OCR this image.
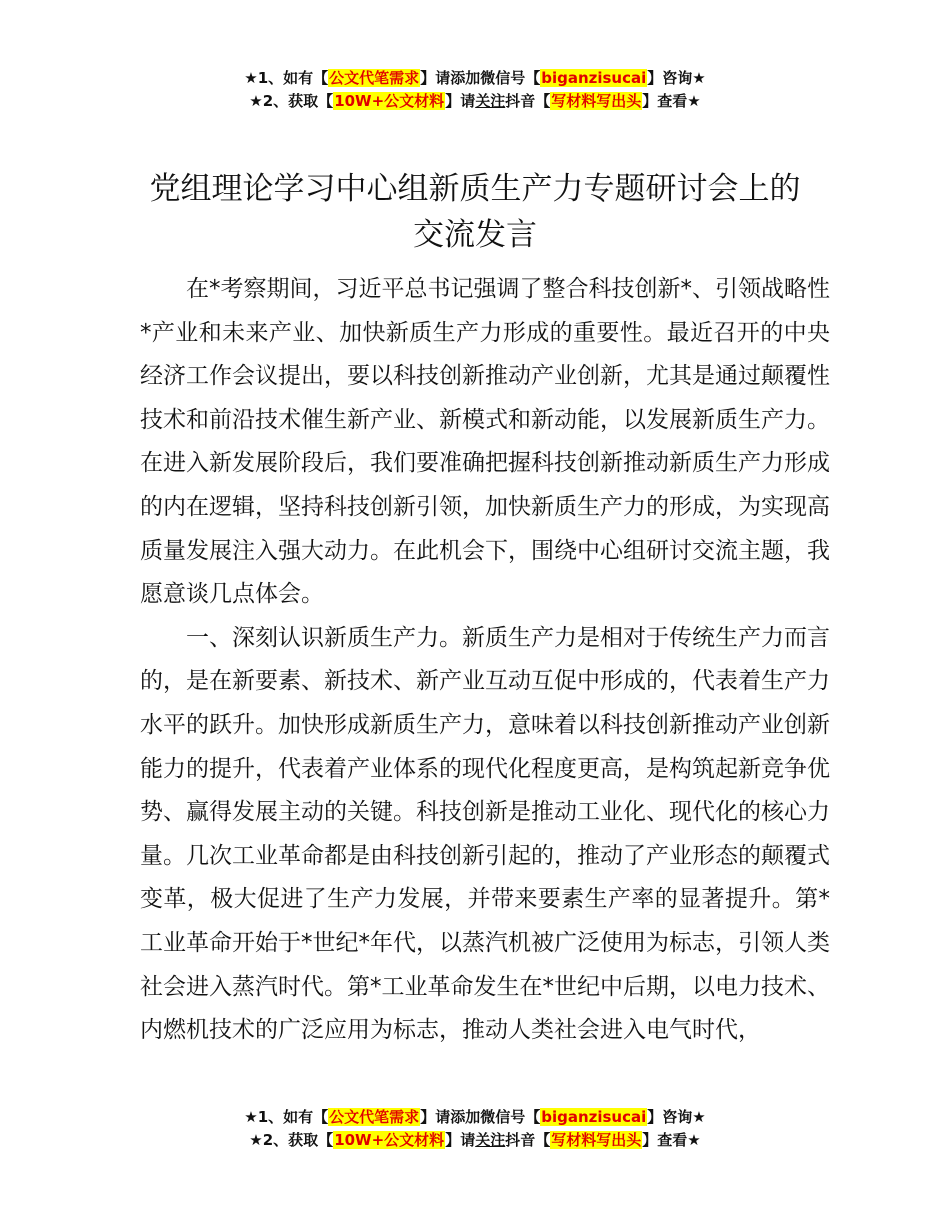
★1、如有【公文代笔需求】请添加微信号【biganzisucai】咨询★
★2、获取【10W+公文材料】请关注抖音【写材料写出头】查看★
党组理论学习中心组新质生产力专题研讨会上的交流发言

在*考察期间，习近平总书记强调了整合科技创新*、引领战略性*产业和未来产业、加快新质生产力形成的重要性。最近召开的中央经济工作会议提出，要以科技创新推动产业创新，尤其是通过颠覆性技术和前沿技术催生新产业、新模式和新动能，以发展新质生产力。在进入新发展阶段后，我们要准确把握科技创新推动新质生产力形成的内在逻辑，坚持科技创新引领，加快新质生产力的形成，为实现高质量发展注入强大动力。在此机会下，围绕中心组研讨交流主题，我愿意谈几点体会。

一、深刻认识新质生产力。新质生产力是相对于传统生产力而言的，是在新要素、新技术、新产业互动互促中形成的，代表着生产力水平的跃升。加快形成新质生产力，意味着以科技创新推动产业创新能力的提升，代表着产业体系的现代化程度更高，是构筑起新竞争优势、赢得发展主动的关键。科技创新是推动工业化、现代化的核心力量。几次工业革命都是由科技创新引起的，推动了产业形态的颠覆式变革，极大促进了生产力发展，并带来要素生产率的显著提升。第*工业革命开始于*世纪*年代，以蒸汽机被广泛使用为标志，引领人类社会进入蒸汽时代。第*工业革命发生在*世纪中后期，以电力技术、内燃机技术的广泛应用为标志，推动人类社会进入电气时代，

★1、如有【公文代笔需求】请添加微信号【biganzisucai】咨询★
★2、获取【10W+公文材料】请关注抖音【写材料写出头】查看★
